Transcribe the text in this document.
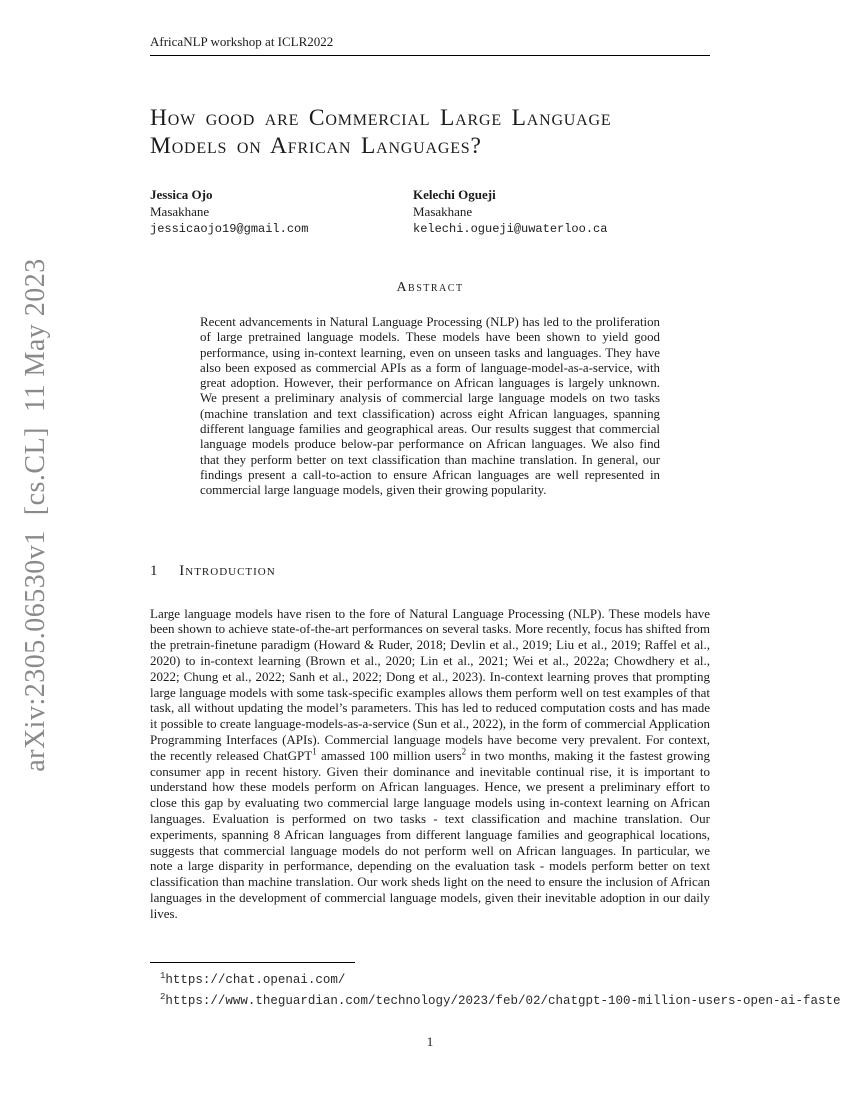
arXiv:2305.06530v1  [cs.CL]  11 May 2023
AfricaNLP workshop at ICLR2022
How good are Commercial Large Language
Models on African Languages?
Jessica Ojo
Masakhane
jessicaojo19@gmail.com
Kelechi Ogueji
Masakhane
kelechi.ogueji@uwaterloo.ca
Abstract
Recent advancements in Natural Language Processing (NLP) has led to the proliferation of large pretrained language models. These models have been shown to yield good performance, using in-context learning, even on unseen tasks and languages. They have also been exposed as commercial APIs as a form of language-model-as-a-service, with great adoption. However, their performance on African languages is largely unknown. We present a preliminary analysis of commercial large language models on two tasks (machine translation and text classification) across eight African languages, spanning different language families and geographical areas. Our results suggest that commercial language models produce below-par performance on African languages. We also find that they perform better on text classification than machine translation. In general, our findings present a call-to-action to ensure African languages are well represented in commercial large language models, given their growing popularity.
1 Introduction
Large language models have risen to the fore of Natural Language Processing (NLP). These models have been shown to achieve state-of-the-art performances on several tasks. More recently, focus has shifted from the pretrain-finetune paradigm (Howard & Ruder, 2018; Devlin et al., 2019; Liu et al., 2019; Raffel et al., 2020) to in-context learning (Brown et al., 2020; Lin et al., 2021; Wei et al., 2022a; Chowdhery et al., 2022; Chung et al., 2022; Sanh et al., 2022; Dong et al., 2023). In-context learning proves that prompting large language models with some task-specific examples allows them perform well on test examples of that task, all without updating the model’s parameters. This has led to reduced computation costs and has made it possible to create language-models-as-a-service (Sun et al., 2022), in the form of commercial Application Programming Interfaces (APIs). Commercial language models have become very prevalent. For context, the recently released ChatGPT$^1$ amassed 100 million users$^2$ in two months, making it the fastest growing consumer app in recent history. Given their dominance and inevitable continual rise, it is important to understand how these models perform on African languages. Hence, we present a preliminary effort to close this gap by evaluating two commercial large language models using in-context learning on African languages. Evaluation is performed on two tasks - text classification and machine translation. Our experiments, spanning 8 African languages from different language families and geographical locations, suggests that commercial language models do not perform well on African languages. In particular, we note a large disparity in performance, depending on the evaluation task - models perform better on text classification than machine translation. Our work sheds light on the need to ensure the inclusion of African languages in the development of commercial language models, given their inevitable adoption in our daily lives.
$^1$https://chat.openai.com/
$^2$https://www.theguardian.com/technology/2023/feb/02/chatgpt-100-million-users-open-ai-faste
1
